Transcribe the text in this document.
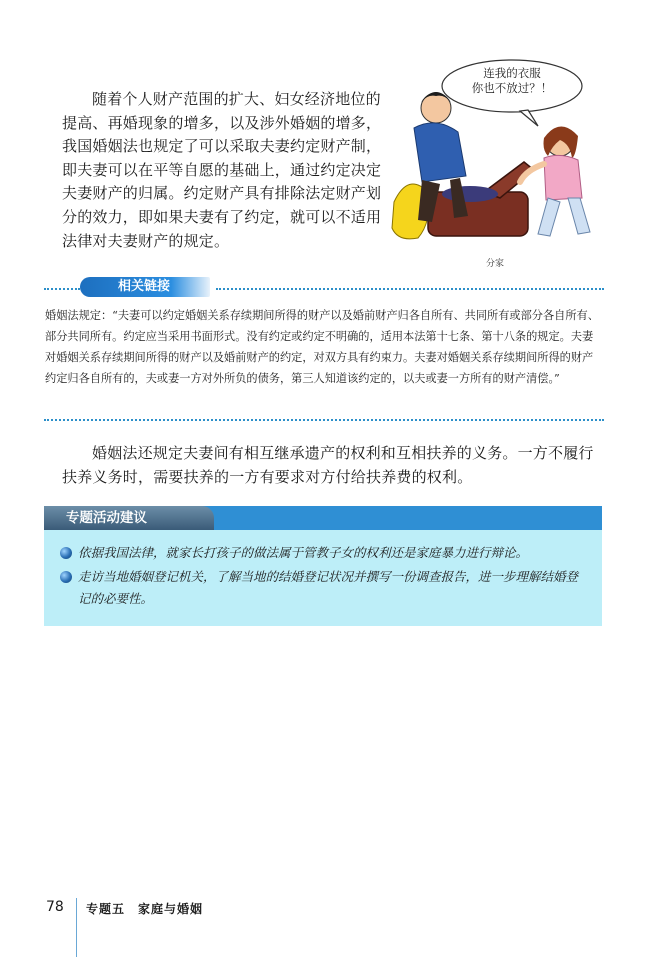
随着个人财产范围的扩大、妇女经济地位的提高、再婚现象的增多，以及涉外婚姻的增多，我国婚姻法也规定了可以采取夫妻约定财产制，即夫妻可以在平等自愿的基础上，通过约定决定夫妻财产的归属。约定财产具有排除法定财产划分的效力，即如果夫妻有了约定，就可以不适用法律对夫妻财产的规定。

连我的衣服
你也不放过？！
分家
相关链接

婚姻法规定：“夫妻可以约定婚姻关系存续期间所得的财产以及婚前财产归各自所有、共同所有或部分各自所有、部分共同所有。约定应当采用书面形式。没有约定或约定不明确的，适用本法第十七条、第十八条的规定。夫妻对婚姻关系存续期间所得的财产以及婚前财产的约定，对双方具有约束力。夫妻对婚姻关系存续期间所得的财产约定归各自所有的，夫或妻一方对外所负的债务，第三人知道该约定的，以夫或妻一方所有的财产清偿。”

婚姻法还规定夫妻间有相互继承遗产的权利和互相扶养的义务。一方不履行扶养义务时，需要扶养的一方有要求对方付给扶养费的权利。

专题活动建议
依据我国法律，就家长打孩子的做法属于管教子女的权利还是家庭暴力进行辩论。
走访当地婚姻登记机关，了解当地的结婚登记状况并撰写一份调查报告，进一步理解结婚登记的必要性。
78 专题五　家庭与婚姻
